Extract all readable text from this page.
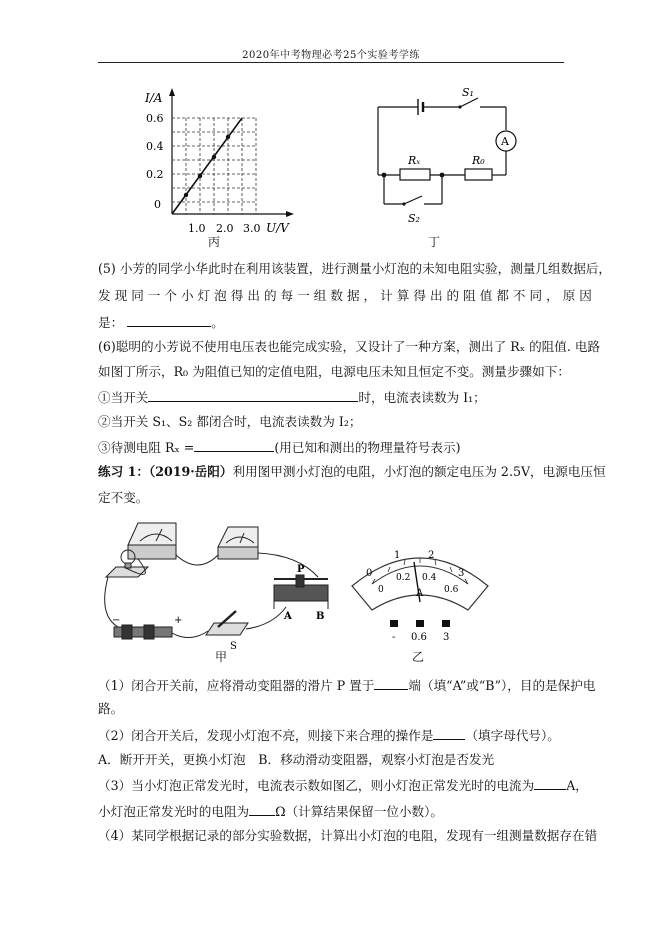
2020年中考物理必考25个实验考学练
I/A
0.6
0.4
0.2
0
1.0 2.0 3.0 U/V
丙
S₁
A
Rₓ	R₀
S₂
丁
(5) 小芳的同学小华此时在利用该装置，进行测量小灯泡的未知电阻实验，测量几组数据后，
发 现 同 一 个 小 灯 泡 得 出 的 每 一 组 数 据 ， 计 算 得 出 的 阻 值 都 不 同 ， 原 因
是：	。
(6)聪明的小芳说不使用电压表也能完成实验，又设计了一种方案，测出了 Rₓ 的阻值. 电路
如图丁所示，R₀ 为阻值已知的定值电阻，电源电压未知且恒定不变。测量步骤如下：
①当开关	时，电流表读数为 I₁；
②当开关 S₁、S₂ 都闭合时，电流表读数为 I₂；
③待测电阻 Rₓ =	(用已知和测出的物理量符号表示)
练习 1：（2019·岳阳）利用图甲测小灯泡的电阻，小灯泡的额定电压为 2.5V，电源电压恒
定不变。
P
A B
S
−	+
甲
0
1	2
3
0
0.2 0.4
0.6
A
- 0.6 3
乙
（1）闭合开关前，应将滑动变阻器的滑片 P 置于	端（填“A”或“B”），目的是保护电
路。
（2）闭合开关后，发现小灯泡不亮，则接下来合理的操作是	（填字母代号）。
A．断开开关，更换小灯泡　B．移动滑动变阻器，观察小灯泡是否发光
（3）当小灯泡正常发光时，电流表示数如图乙，则小灯泡正常发光时的电流为	A，
小灯泡正常发光时的电阻为 Ω（计算结果保留一位小数）。
（4）某同学根据记录的部分实验数据，计算出小灯泡的电阻，发现有一组测量数据存在错
